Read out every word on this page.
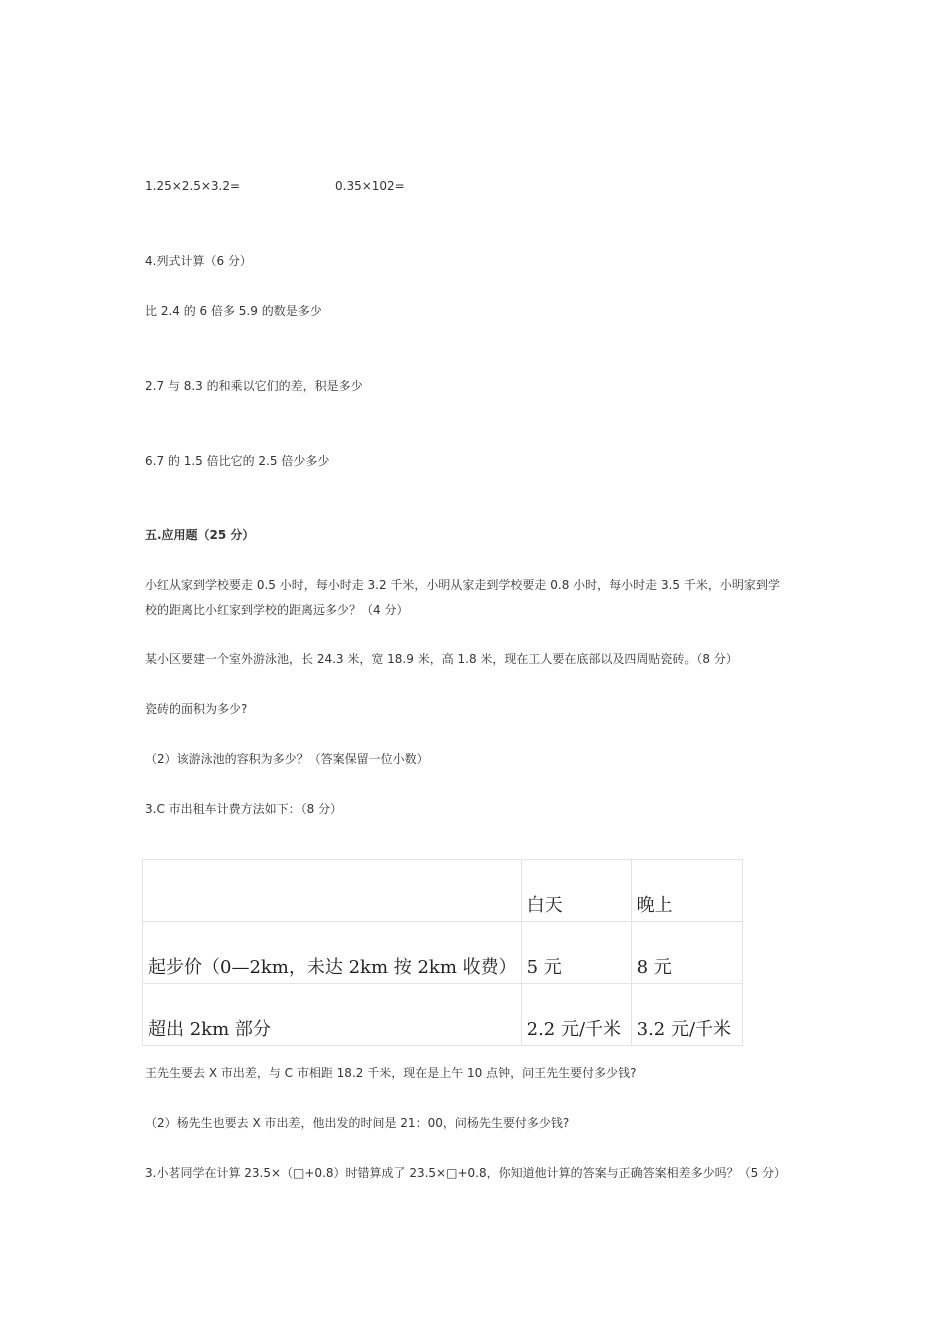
1.25×2.5×3.2=	0.35×102=
4.列式计算（6 分）
比 2.4 的 6 倍多 5.9 的数是多少
2.7 与 8.3 的和乘以它们的差，积是多少
6.7 的 1.5 倍比它的 2.5 倍少多少
五.应用题（25 分）
小红从家到学校要走 0.5 小时，每小时走 3.2 千米，小明从家走到学校要走 0.8 小时，每小时走 3.5 千米，小明家到学
校的距离比小红家到学校的距离远多少？（4 分）
某小区要建一个室外游泳池，长 24.3 米，宽 18.9 米，高 1.8 米，现在工人要在底部以及四周贴瓷砖。（8 分）
瓷砖的面积为多少?
（2）该游泳池的容积为多少？（答案保留一位小数）
3.C 市出租车计费方法如下：（8 分）
	白天	晚上
起步价（0—2km，未达 2km 按 2km 收费）	5 元	8 元
超出 2km 部分	2.2 元/千米	3.2 元/千米
王先生要去 X 市出差，与 C 市相距 18.2 千米，现在是上午 10 点钟，问王先生要付多少钱?
（2）杨先生也要去 X 市出差，他出发的时间是 21：00，问杨先生要付多少钱?
3.小茗同学在计算 23.5×（□+0.8）时错算成了 23.5×□+0.8，你知道他计算的答案与正确答案相差多少吗？（5 分）
